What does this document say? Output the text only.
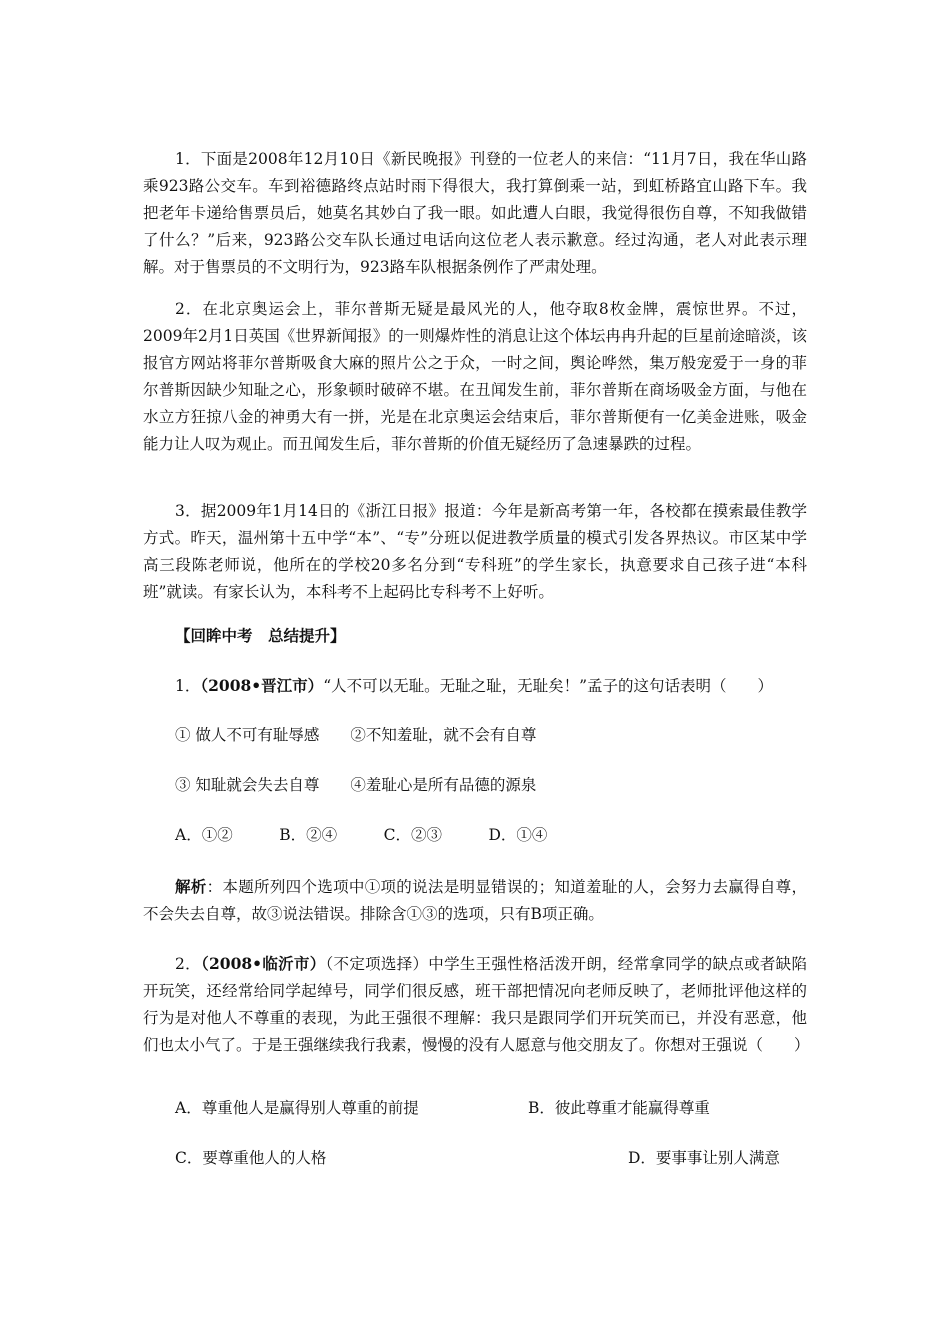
1．下面是2008年12月10日《新民晚报》刊登的一位老人的来信：“11月7日，我在华山路乘923路公交车。车到裕德路终点站时雨下得很大，我打算倒乘一站，到虹桥路宜山路下车。我把老年卡递给售票员后，她莫名其妙白了我一眼。如此遭人白眼，我觉得很伤自尊，不知我做错了什么？”后来，923路公交车队长通过电话向这位老人表示歉意。经过沟通，老人对此表示理解。对于售票员的不文明行为，923路车队根据条例作了严肃处理。

2．在北京奥运会上，菲尔普斯无疑是最风光的人，他夺取8枚金牌，震惊世界。不过，2009年2月1日英国《世界新闻报》的一则爆炸性的消息让这个体坛冉冉升起的巨星前途暗淡，该报官方网站将菲尔普斯吸食大麻的照片公之于众，一时之间，舆论哗然，集万般宠爱于一身的菲尔普斯因缺少知耻之心，形象顿时破碎不堪。在丑闻发生前，菲尔普斯在商场吸金方面，与他在水立方狂掠八金的神勇大有一拼，光是在北京奥运会结束后，菲尔普斯便有一亿美金进账，吸金能力让人叹为观止。而丑闻发生后，菲尔普斯的价值无疑经历了急速暴跌的过程。

3．据2009年1月14日的《浙江日报》报道：今年是新高考第一年，各校都在摸索最佳教学方式。昨天，温州第十五中学“本”、“专”分班以促进教学质量的模式引发各界热议。市区某中学高三段陈老师说，他所在的学校20多名分到“专科班”的学生家长，执意要求自己孩子进“本科班”就读。有家长认为，本科考不上起码比专科考不上好听。

【回眸中考　总结提升】

1．（2008•晋江市）“人不可以无耻。无耻之耻，无耻矣！”孟子的这句话表明（　　）

① 做人不可有耻辱感　　②不知羞耻，就不会有自尊

③ 知耻就会失去自尊　　④羞耻心是所有品德的源泉

A．①②　　　B．②④　　　C．②③　　　D．①④

解析：本题所列四个选项中①项的说法是明显错误的；知道羞耻的人，会努力去赢得自尊，不会失去自尊，故③说法错误。排除含①③的选项，只有B项正确。

2．（2008•临沂市）（不定项选择）中学生王强性格活泼开朗，经常拿同学的缺点或者缺陷开玩笑，还经常给同学起绰号，同学们很反感，班干部把情况向老师反映了，老师批评他这样的行为是对他人不尊重的表现，为此王强很不理解：我只是跟同学们开玩笑而已，并没有恶意，他们也太小气了。于是王强继续我行我素，慢慢的没有人愿意与他交朋友了。你想对王强说（　　）

A．尊重他人是赢得别人尊重的前提	B．彼此尊重才能赢得尊重
C．要尊重他人的人格	D．要事事让别人满意
